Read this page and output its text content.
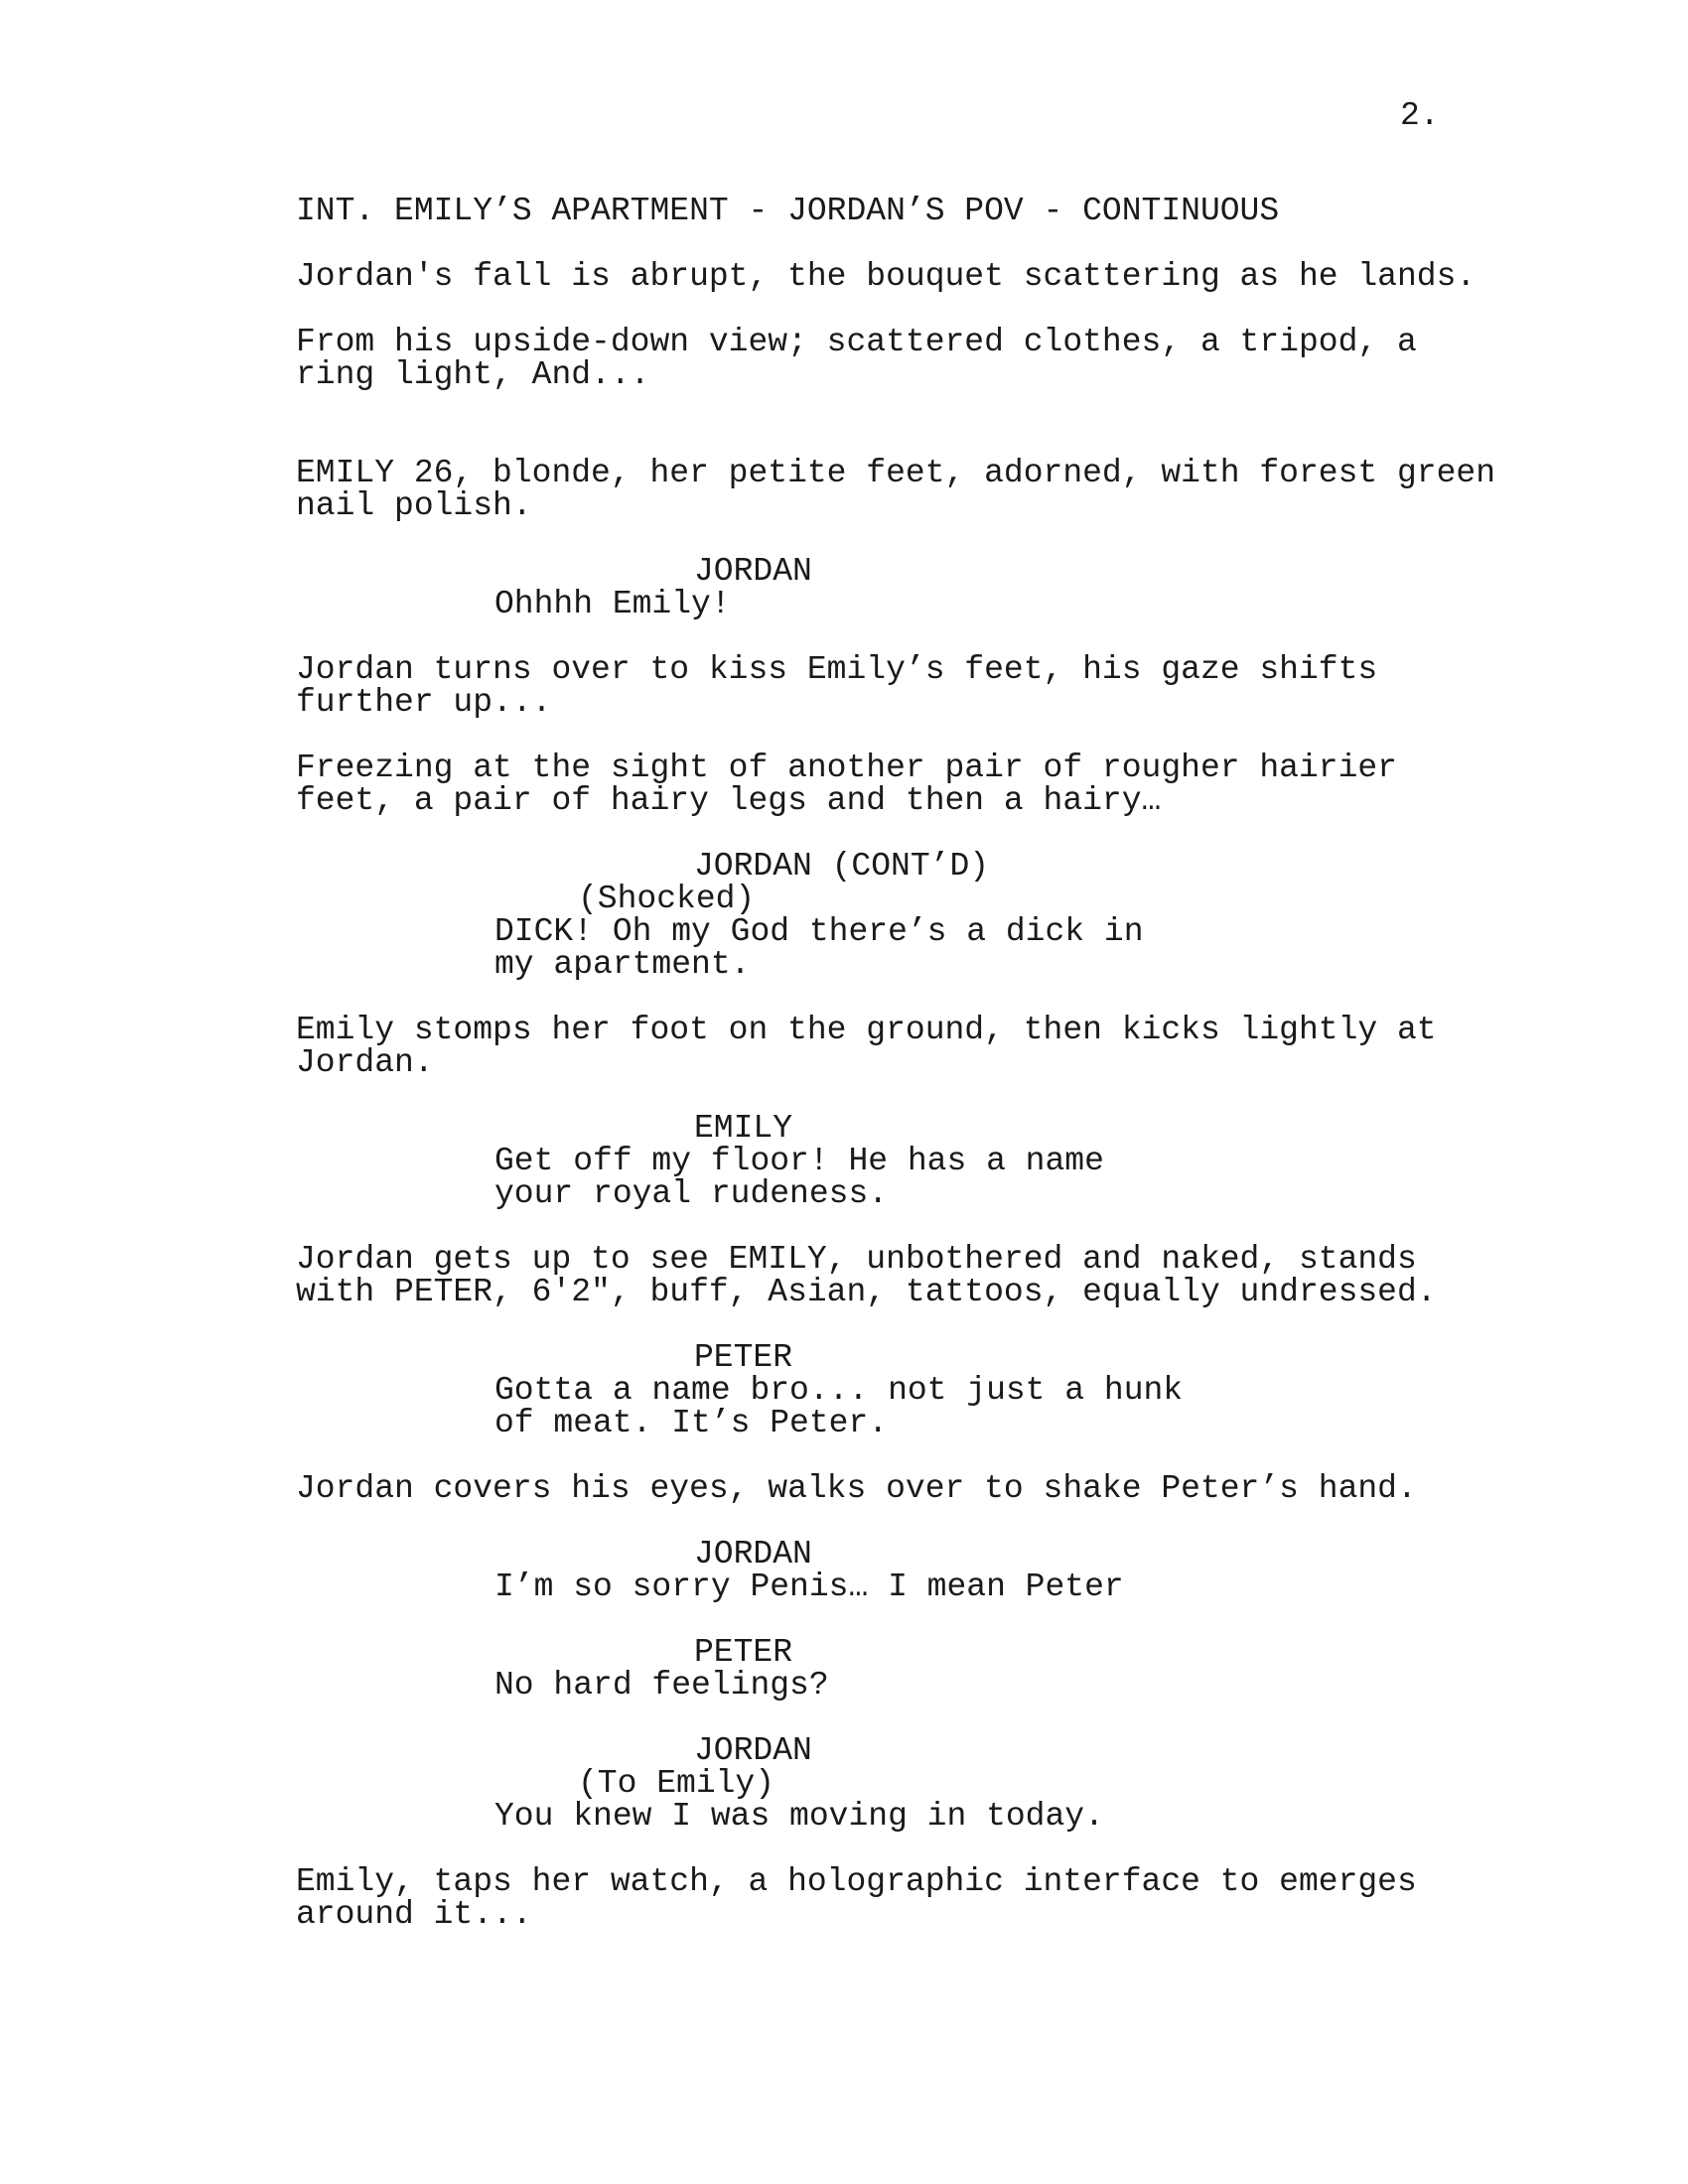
2.
INT. EMILY’S APARTMENT - JORDAN’S POV - CONTINUOUS
Jordan's fall is abrupt, the bouquet scattering as he lands.
From his upside-down view; scattered clothes, a tripod, a
ring light, And...
EMILY 26, blonde, her petite feet, adorned, with forest green
nail polish.
JORDAN
Ohhhh Emily!
Jordan turns over to kiss Emily’s feet, his gaze shifts
further up...
Freezing at the sight of another pair of rougher hairier
feet, a pair of hairy legs and then a hairy…
JORDAN (CONT’D)
(Shocked)
DICK! Oh my God there’s a dick in
my apartment.
Emily stomps her foot on the ground, then kicks lightly at
Jordan.
EMILY
Get off my floor! He has a name
your royal rudeness.
Jordan gets up to see EMILY, unbothered and naked, stands
with PETER, 6'2", buff, Asian, tattoos, equally undressed.
PETER
Gotta a name bro... not just a hunk
of meat. It’s Peter.
Jordan covers his eyes, walks over to shake Peter’s hand.
JORDAN
I’m so sorry Penis… I mean Peter
PETER
No hard feelings?
JORDAN
(To Emily)
You knew I was moving in today.
Emily, taps her watch, a holographic interface to emerges
around it...
